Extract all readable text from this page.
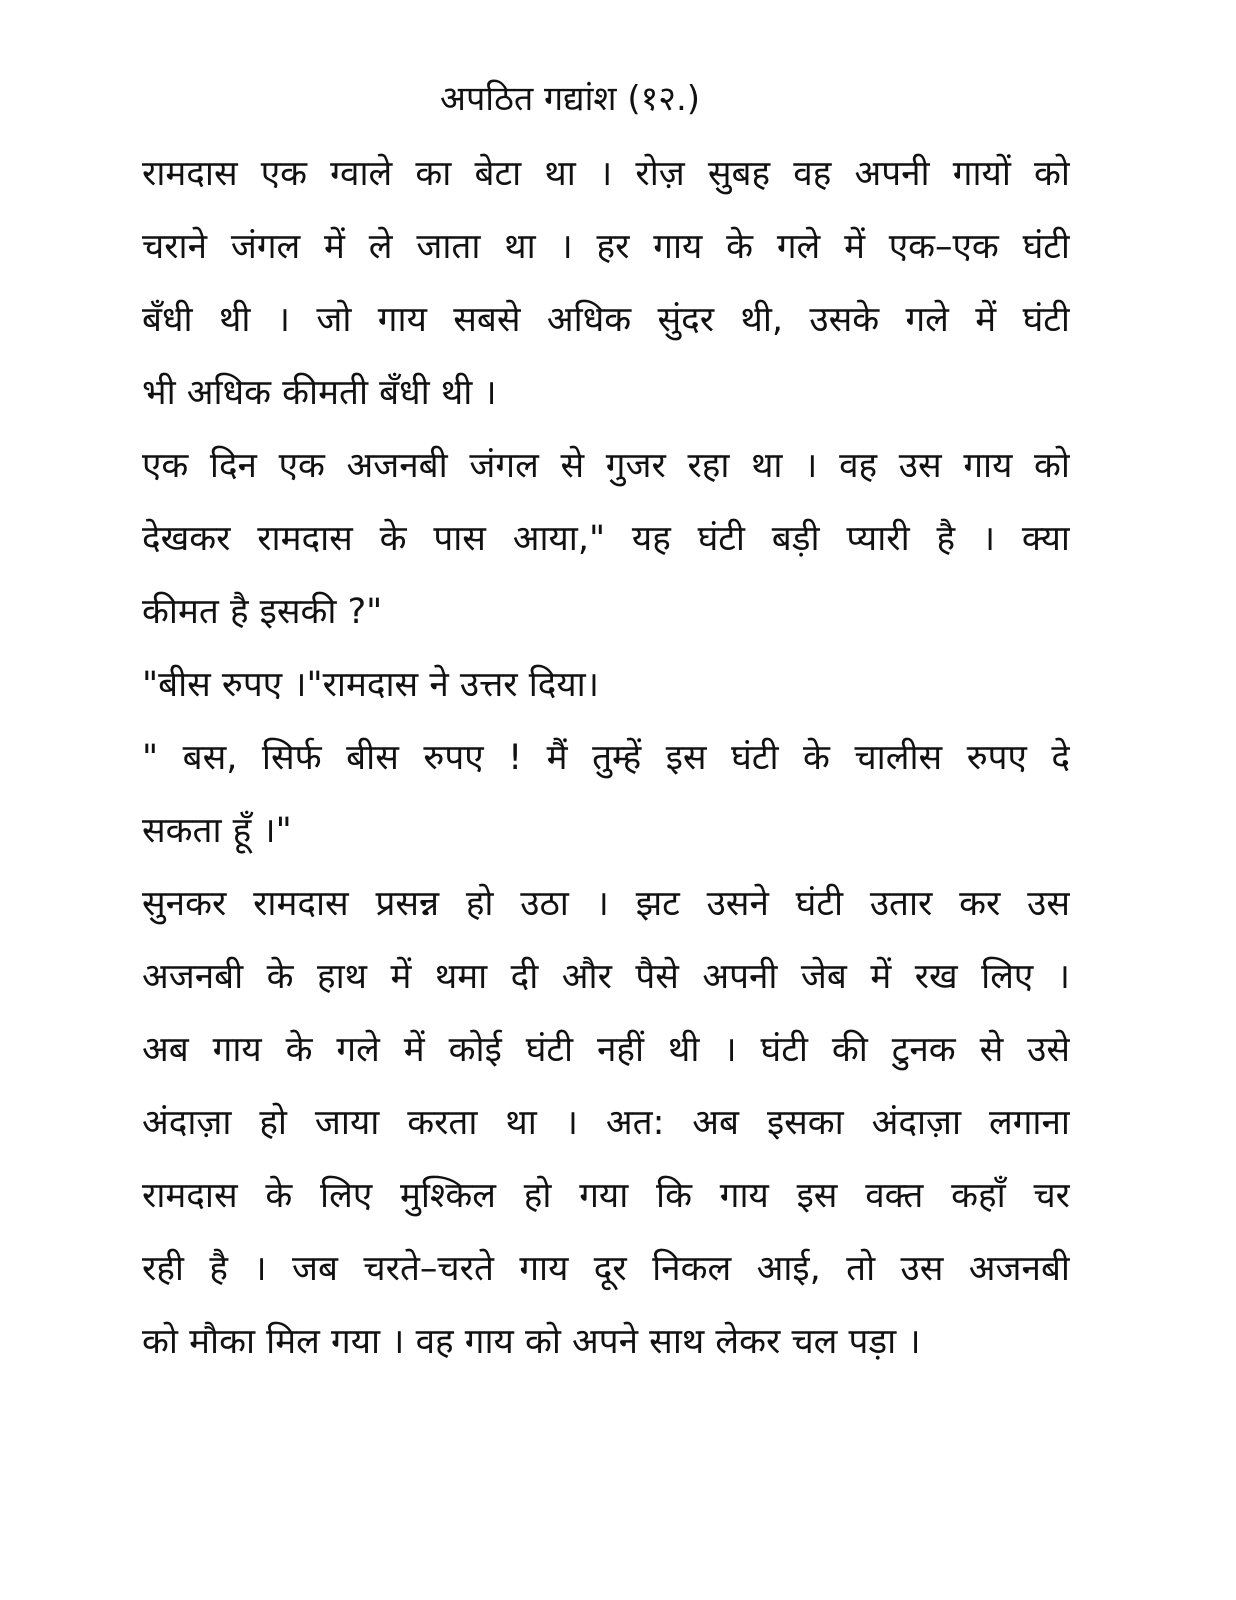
अपठित गद्यांश (१२.)
रामदास एक ग्वाले का बेटा था । रोज़ सुबह वह अपनी गायों को
चराने जंगल में ले जाता था । हर गाय के गले में एक–एक घंटी
बँधी थी । जो गाय सबसे अधिक सुंदर थी, उसके गले में घंटी
भी अधिक कीमती बँधी थी ।
एक दिन एक अजनबी जंगल से गुजर रहा था । वह उस गाय को
देखकर रामदास के पास आया," यह घंटी बड़ी प्यारी है । क्या
कीमत है इसकी ?"
"बीस रुपए ।"रामदास ने उत्तर दिया।
" बस, सिर्फ बीस रुपए ! मैं तुम्हें इस घंटी के चालीस रुपए दे
सकता हूँ ।"
सुनकर रामदास प्रसन्न हो उठा । झट उसने घंटी उतार कर उस
अजनबी के हाथ में थमा दी और पैसे अपनी जेब में रख लिए ।
अब गाय के गले में कोई घंटी नहीं थी । घंटी की टुनक से उसे
अंदाज़ा हो जाया करता था । अत: अब इसका अंदाज़ा लगाना
रामदास के लिए मुश्किल हो गया कि गाय इस वक्त कहाँ चर
रही है । जब चरते–चरते गाय दूर निकल आई, तो उस अजनबी
को मौका मिल गया । वह गाय को अपने साथ लेकर चल पड़ा ।
